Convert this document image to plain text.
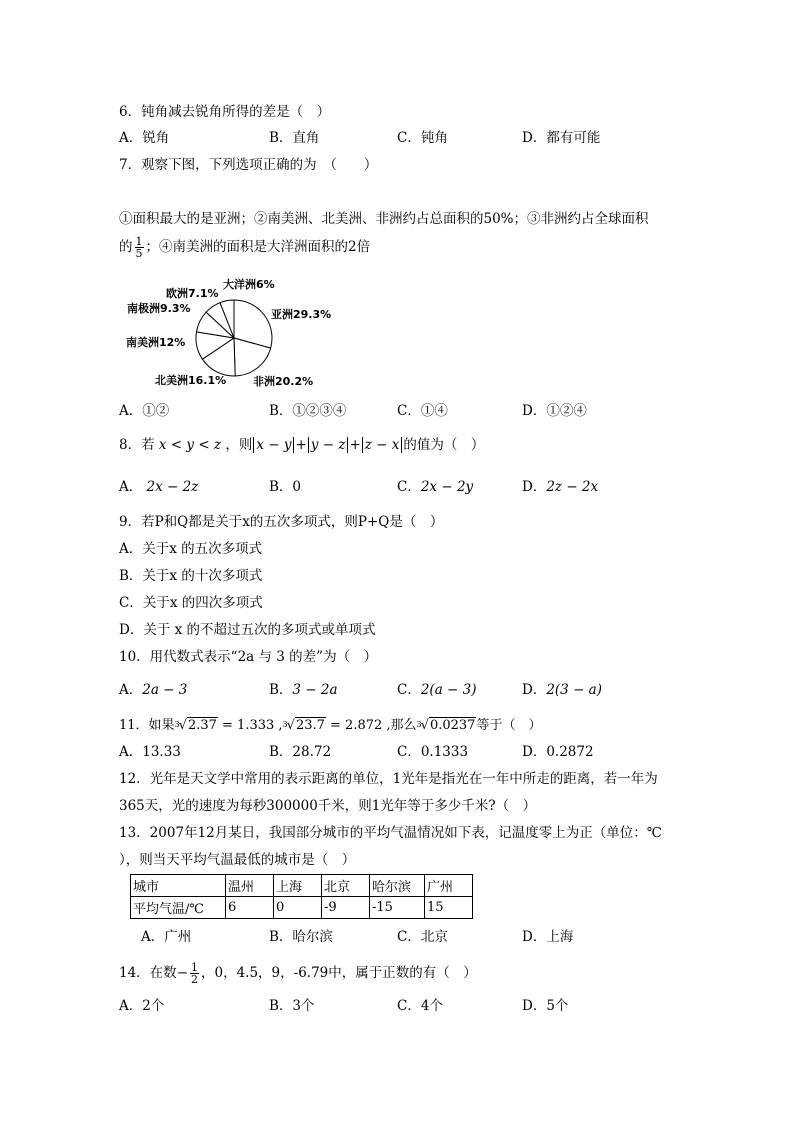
6．钝角减去锐角所得的差是（　）
A．锐角	B．直角	C．钝角	D．都有可能
7．观察下图，下列选项正确的为　（　　）
①面积最大的是亚洲；②南美洲、北美洲、非洲约占总面积的50%；③非洲约占全球面积
的 $\frac{1}{5}$ ；④南美洲的面积是大洋洲面积的2倍
亚洲29.3%
非洲20.2%
北美洲16.1%
南美洲12%
南极洲9.3%
欧洲7.1%
大洋洲6%
A．①②	B．①②③④	C．①④	D．①②④
8．若 x < y < z ，则 x − y + y − z + z − x 的值为（　）
A． 2x − 2z	B．0	C．2x − 2y	D．2z − 2x
9．若P和Q都是关于x的五次多项式，则P+Q是（　）
A．关于x 的五次多项式
B．关于x 的十次多项式
C．关于x 的四次多项式
D．关于 x 的不超过五次的多项式或单项式
10．用代数式表示“2a 与 3 的差”为（　）
A．2a − 3	B．3 − 2a	C．2(a − 3)	D．2(3 − a)
11．如果$^3$√2.37 = 1.333 ,$^3$√23.7 = 2.872 ,那么$^3$√0.0237等于（　）
A．13.33	B．28.72	C．0.1333	D．0.2872
12．光年是天文学中常用的表示距离的单位，1光年是指光在一年中所走的距离，若一年为
365天，光的速度为每秒300000千米，则1光年等于多少千米?（　）
13．2007年12月某日，我国部分城市的平均气温情况如下表，记温度零上为正（单位：℃
），则当天平均气温最低的城市是（　）
城市	温州	上海	北京	哈尔滨	广州
平均气温/℃	6	0	-9	-15	15
A．广州	B．哈尔滨	C．北京	D．上海
14．在数− $\frac{1}{2}$ ，0，4.5，9，-6.79中，属于正数的有（　）
A．2个	B．3个	C．4个	D．5个
